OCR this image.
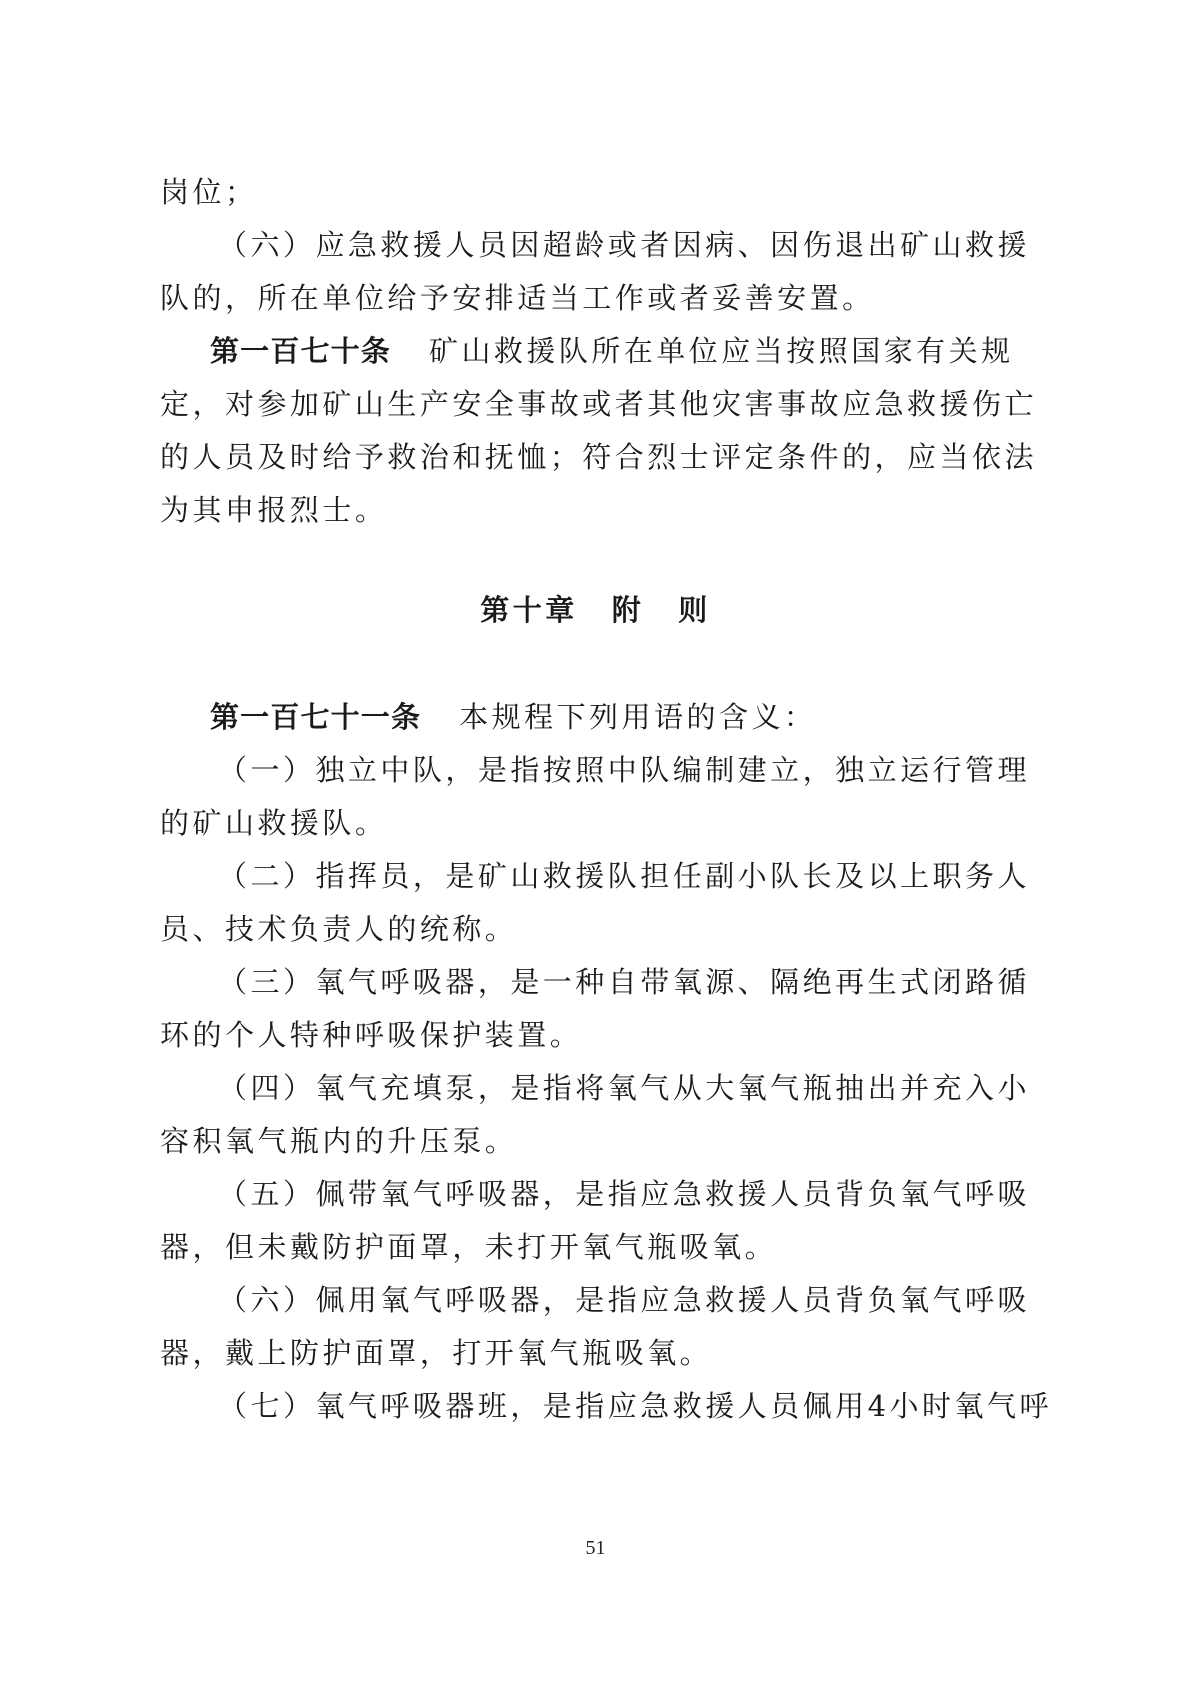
岗位；
（六）应急救援人员因超龄或者因病、因伤退出矿山救援
队的，所在单位给予安排适当工作或者妥善安置。
第一百七十条 矿山救援队所在单位应当按照国家有关规
定，对参加矿山生产安全事故或者其他灾害事故应急救援伤亡
的人员及时给予救治和抚恤；符合烈士评定条件的，应当依法
为其申报烈士。
第十章 附 则
第一百七十一条 本规程下列用语的含义：
（一）独立中队，是指按照中队编制建立，独立运行管理
的矿山救援队。
（二）指挥员，是矿山救援队担任副小队长及以上职务人
员、技术负责人的统称。
（三）氧气呼吸器，是一种自带氧源、隔绝再生式闭路循
环的个人特种呼吸保护装置。
（四）氧气充填泵，是指将氧气从大氧气瓶抽出并充入小
容积氧气瓶内的升压泵。
（五）佩带氧气呼吸器，是指应急救援人员背负氧气呼吸
器，但未戴防护面罩，未打开氧气瓶吸氧。
（六）佩用氧气呼吸器，是指应急救援人员背负氧气呼吸
器，戴上防护面罩，打开氧气瓶吸氧。
（七）氧气呼吸器班，是指应急救援人员佩用4小时氧气呼
51
